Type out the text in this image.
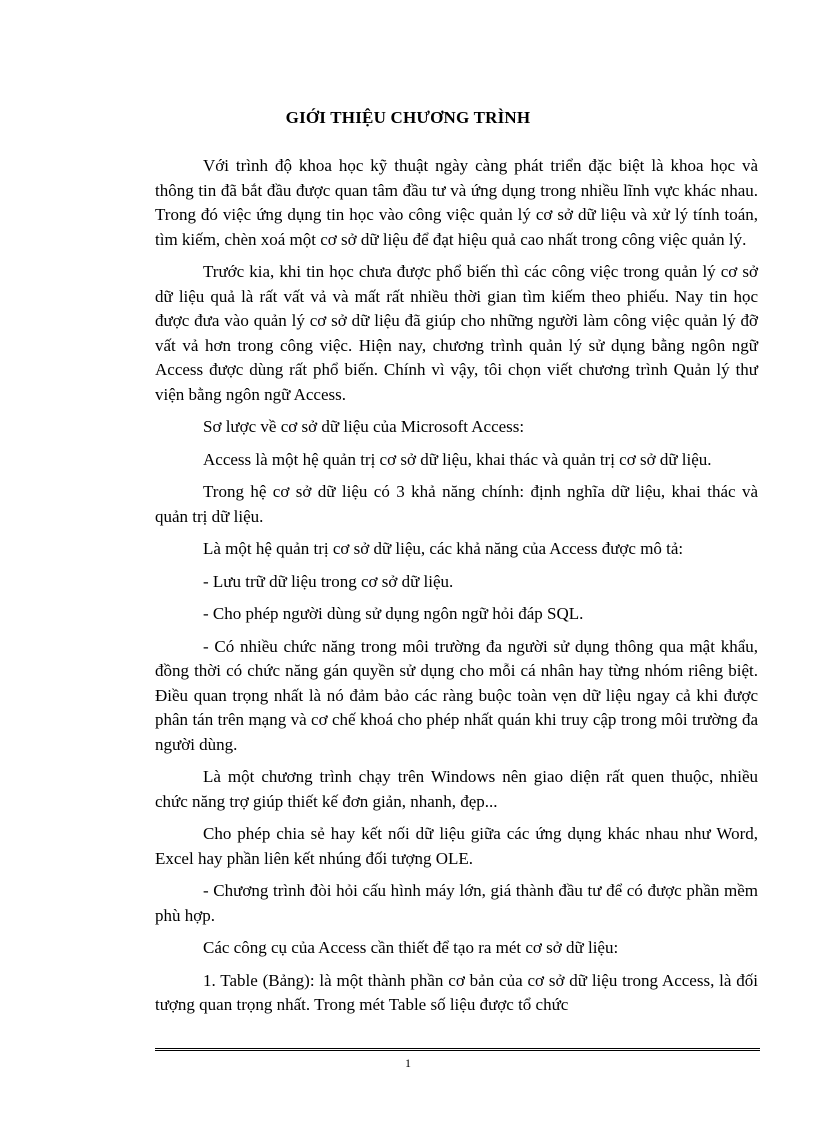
GIỚI THIỆU CHƯƠNG TRÌNH

Với trình độ khoa học kỹ thuật ngày càng phát triển đặc biệt là khoa học và thông tin đã bắt đầu được quan tâm đầu tư và ứng dụng trong nhiều lĩnh vực khác nhau. Trong đó việc ứng dụng tin học vào công việc quản lý cơ sở dữ liệu và xử lý tính toán, tìm kiếm, chèn xoá một cơ sở dữ liệu để đạt hiệu quả cao nhất trong công việc quản lý.

Trước kia, khi tin học chưa được phổ biến thì các công việc trong quản lý cơ sở dữ liệu quả là rất vất vả và mất rất nhiều thời gian tìm kiếm theo phiếu. Nay tin học được đưa vào quản lý cơ sở dữ liệu đã giúp cho những người làm công việc quản lý đỡ vất vả hơn trong công việc. Hiện nay, chương trình quản lý sử dụng bằng ngôn ngữ Access được dùng rất phổ biến. Chính vì vậy, tôi chọn viết chương trình Quản lý thư viện bằng ngôn ngữ Access.

Sơ lược về cơ sở dữ liệu của Microsoft Access:

Access là một hệ quản trị cơ sở dữ liệu, khai thác và quản trị cơ sở dữ liệu.

Trong hệ cơ sở dữ liệu có 3 khả năng chính: định nghĩa dữ liệu, khai thác và quản trị dữ liệu.

Là một hệ quản trị cơ sở dữ liệu, các khả năng của Access được mô tả:

- Lưu trữ dữ liệu trong cơ sở dữ liệu.

- Cho phép người dùng sử dụng ngôn ngữ hỏi đáp SQL.

- Có nhiều chức năng trong môi trường đa người sử dụng thông qua mật khẩu, đồng thời có chức năng gán quyền sử dụng cho mỗi cá nhân hay từng nhóm riêng biệt. Điều quan trọng nhất là nó đảm bảo các ràng buộc toàn vẹn dữ liệu ngay cả khi được phân tán trên mạng và cơ chế khoá cho phép nhất quán khi truy cập trong môi trường đa người dùng.

Là một chương trình chạy trên Windows nên giao diện rất quen thuộc, nhiều chức năng trợ giúp thiết kế đơn giản, nhanh, đẹp...

Cho phép chia sẻ hay kết nối dữ liệu giữa các ứng dụng khác nhau như Word, Excel hay phần liên kết nhúng đối tượng OLE.

- Chương trình đòi hỏi cấu hình máy lớn, giá thành đầu tư để có được phần mềm phù hợp.

Các công cụ của Access cần thiết để tạo ra mét cơ sở dữ liệu:

1. Table (Bảng): là một thành phần cơ bản của cơ sở dữ liệu trong Access, là đối tượng quan trọng nhất. Trong mét Table số liệu được tổ chức

1
